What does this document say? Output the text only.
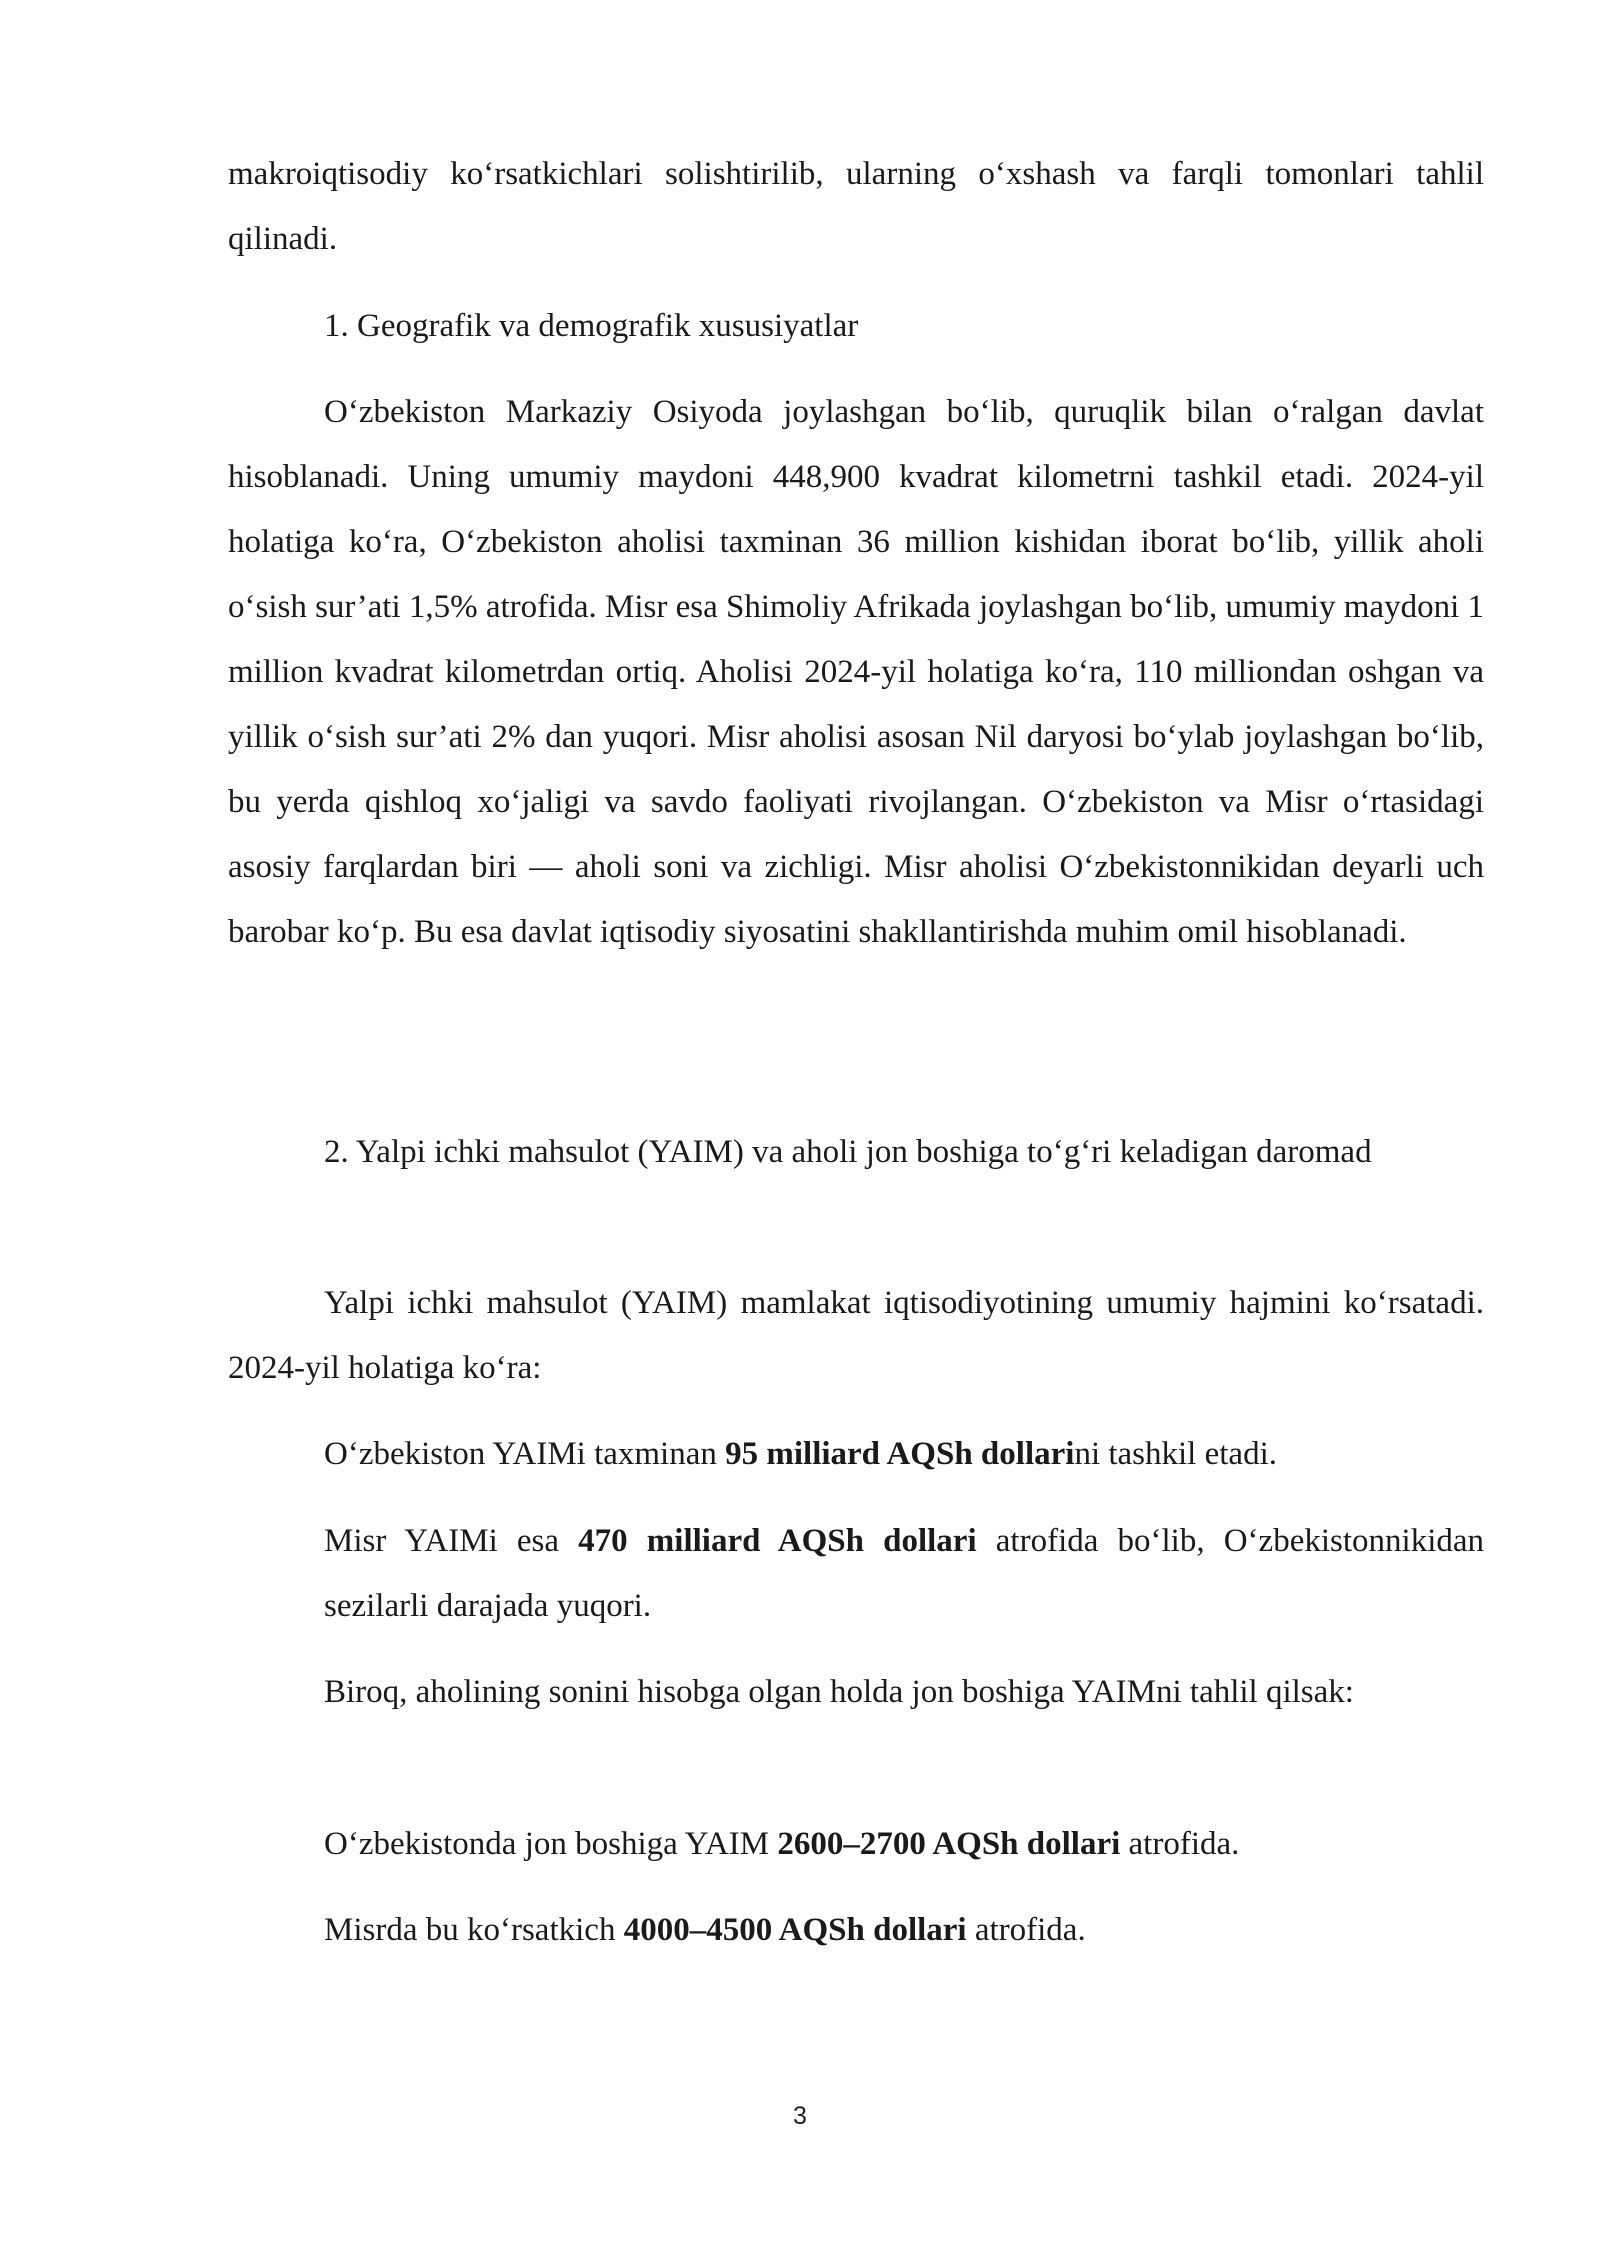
makroiqtisodiy ko‘rsatkichlari solishtirilib, ularning o‘xshash va farqli tomonlari tahlil qilinadi.

1. Geografik va demografik xususiyatlar

O‘zbekiston Markaziy Osiyoda joylashgan bo‘lib, quruqlik bilan o‘ralgan davlat hisoblanadi. Uning umumiy maydoni 448,900 kvadrat kilometrni tashkil etadi. 2024-yil holatiga ko‘ra, O‘zbekiston aholisi taxminan 36 million kishidan iborat bo‘lib, yillik aholi o‘sish sur’ati 1,5% atrofida. Misr esa Shimoliy Afrikada joylashgan bo‘lib, umumiy maydoni 1 million kvadrat kilometrdan ortiq. Aholisi 2024-yil holatiga ko‘ra, 110 milliondan oshgan va yillik o‘sish sur’ati 2% dan yuqori. Misr aholisi asosan Nil daryosi bo‘ylab joylashgan bo‘lib, bu yerda qishloq xo‘jaligi va savdo faoliyati rivojlangan. O‘zbekiston va Misr o‘rtasidagi asosiy farqlardan biri — aholi soni va zichligi. Misr aholisi O‘zbekistonnikidan deyarli uch barobar ko‘p. Bu esa davlat iqtisodiy siyosatini shakllantirishda muhim omil hisoblanadi.

2. Yalpi ichki mahsulot (YAIM) va aholi jon boshiga to‘g‘ri keladigan daromad

Yalpi ichki mahsulot (YAIM) mamlakat iqtisodiyotining umumiy hajmini ko‘rsatadi. 2024-yil holatiga ko‘ra:

O‘zbekiston YAIMi taxminan 95 milliard AQSh dollarini tashkil etadi.

Misr YAIMi esa 470 milliard AQSh dollari atrofida bo‘lib, O‘zbekistonnikidan sezilarli darajada yuqori.

Biroq, aholining sonini hisobga olgan holda jon boshiga YAIMni tahlil qilsak:

O‘zbekistonda jon boshiga YAIM 2600–2700 AQSh dollari atrofida.

Misrda bu ko‘rsatkich 4000–4500 AQSh dollari atrofida.

3
